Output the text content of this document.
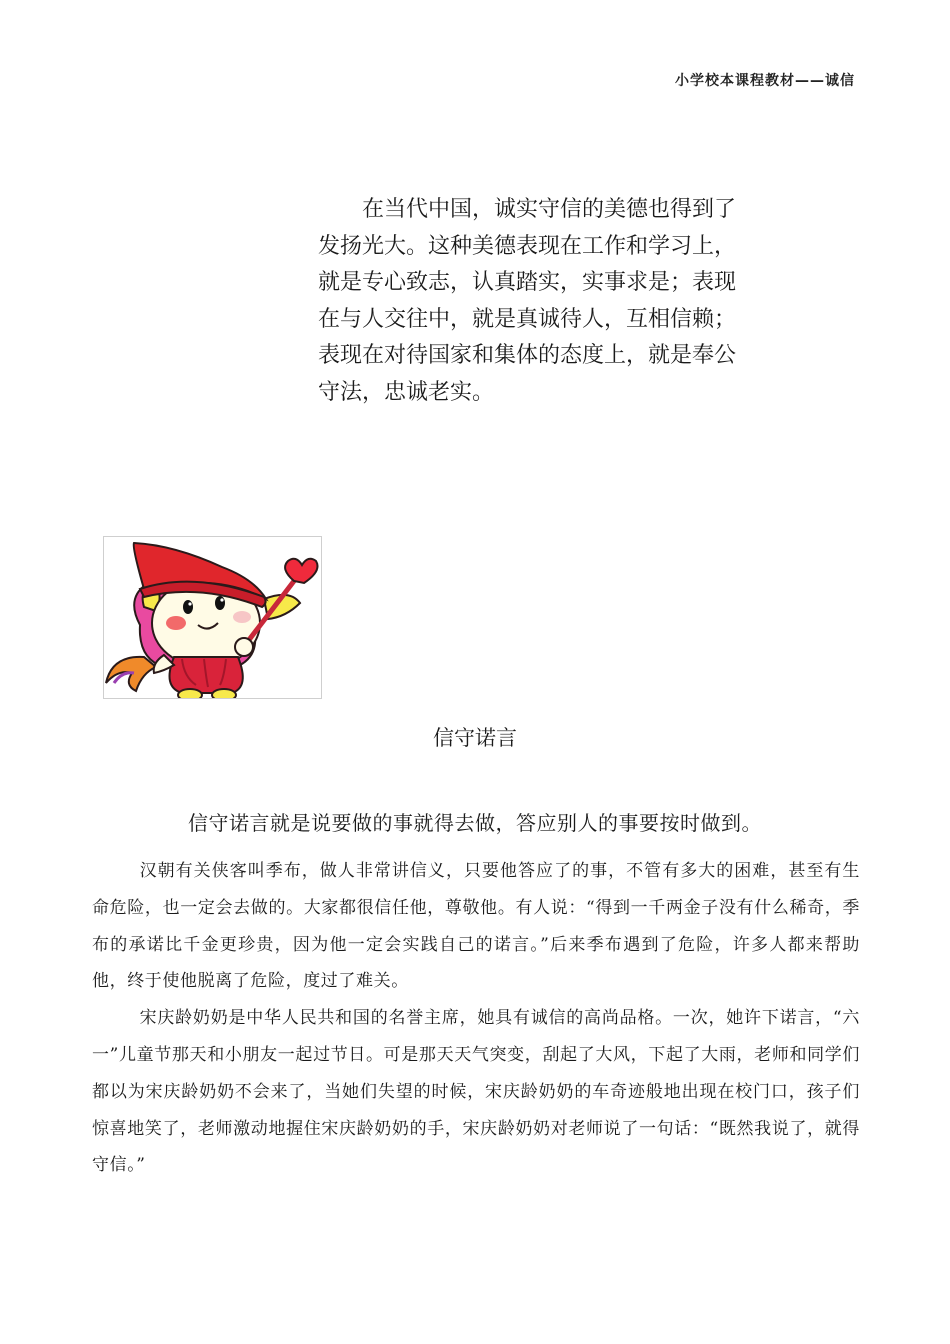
小学校本课程教材——诚信

在当代中国，诚实守信的美德也得到了发扬光大。这种美德表现在工作和学习上，就是专心致志，认真踏实，实事求是；表现在与人交往中，就是真诚待人，互相信赖；表现在对待国家和集体的态度上，就是奉公守法，忠诚老实。

信守诺言
信守诺言就是说要做的事就得去做，答应别人的事要按时做到。

汉朝有关侠客叫季布，做人非常讲信义，只要他答应了的事，不管有多大的困难，甚至有生命危险，也一定会去做的。大家都很信任他，尊敬他。有人说：“得到一千两金子没有什么稀奇，季布的承诺比千金更珍贵，因为他一定会实践自己的诺言。”后来季布遇到了危险，许多人都来帮助他，终于使他脱离了危险，度过了难关。

宋庆龄奶奶是中华人民共和国的名誉主席，她具有诚信的高尚品格。一次，她许下诺言，“六一”儿童节那天和小朋友一起过节日。可是那天天气突变，刮起了大风，下起了大雨，老师和同学们都以为宋庆龄奶奶不会来了，当她们失望的时候，宋庆龄奶奶的车奇迹般地出现在校门口，孩子们惊喜地笑了，老师激动地握住宋庆龄奶奶的手，宋庆龄奶奶对老师说了一句话：“既然我说了，就得守信。”
